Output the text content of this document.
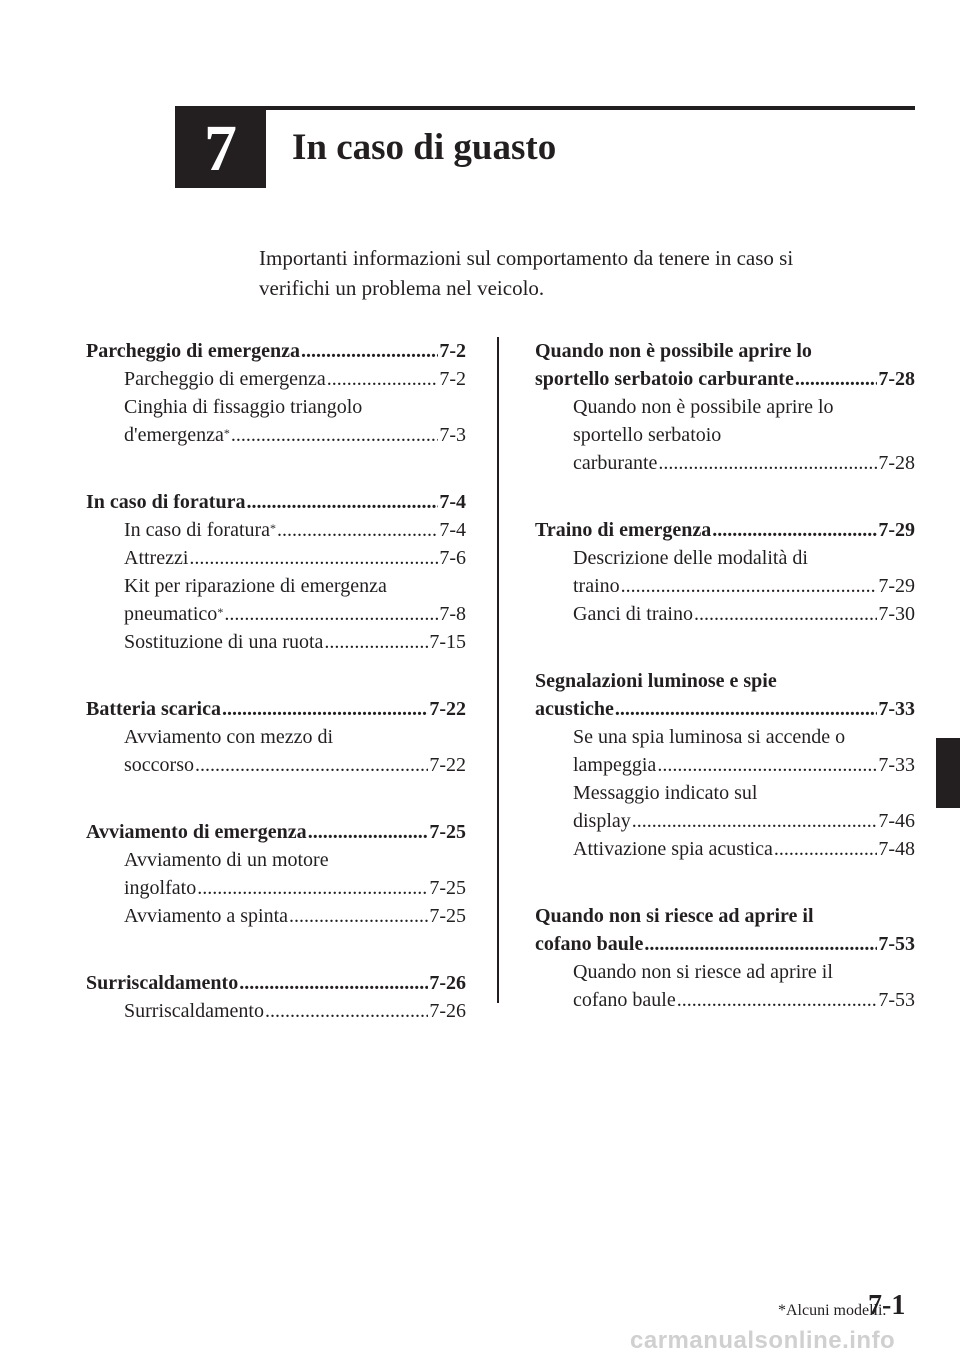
7	In caso di guasto
Importanti informazioni sul comportamento da tenere in caso si
verifichi un problema nel veicolo.
Parcheggio di emergenza .....	7-2
Parcheggio di emergenza .....	7-2
Cinghia di fissaggio triangolo
d'emergenza* .....	7-3
In caso di foratura .....	7-4
In caso di foratura* .....	7-4
Attrezzi .....	7-6
Kit per riparazione di emergenza
pneumatico* .....	7-8
Sostituzione di una ruota .....	7-15
Batteria scarica .....	7-22
Avviamento con mezzo di
soccorso .....	7-22
Avviamento di emergenza .....	7-25
Avviamento di un motore
ingolfato .....	7-25
Avviamento a spinta .....	7-25
Surriscaldamento .....	7-26
Surriscaldamento .....	7-26
Quando non è possibile aprire lo
sportello serbatoio carburante .....	7-28
Quando non è possibile aprire lo
sportello serbatoio
carburante .....	7-28
Traino di emergenza .....	7-29
Descrizione delle modalità di
traino .....	7-29
Ganci di traino .....	7-30
Segnalazioni luminose e spie
acustiche .....	7-33
Se una spia luminosa si accende o
lampeggia .....	7-33
Messaggio indicato sul
display .....	7-46
Attivazione spia acustica .....	7-48
Quando non si riesce ad aprire il
cofano baule .....	7-53
Quando non si riesce ad aprire il
cofano baule .....	7-53
*Alcuni modelli.
7-1
carmanualsonline.info
